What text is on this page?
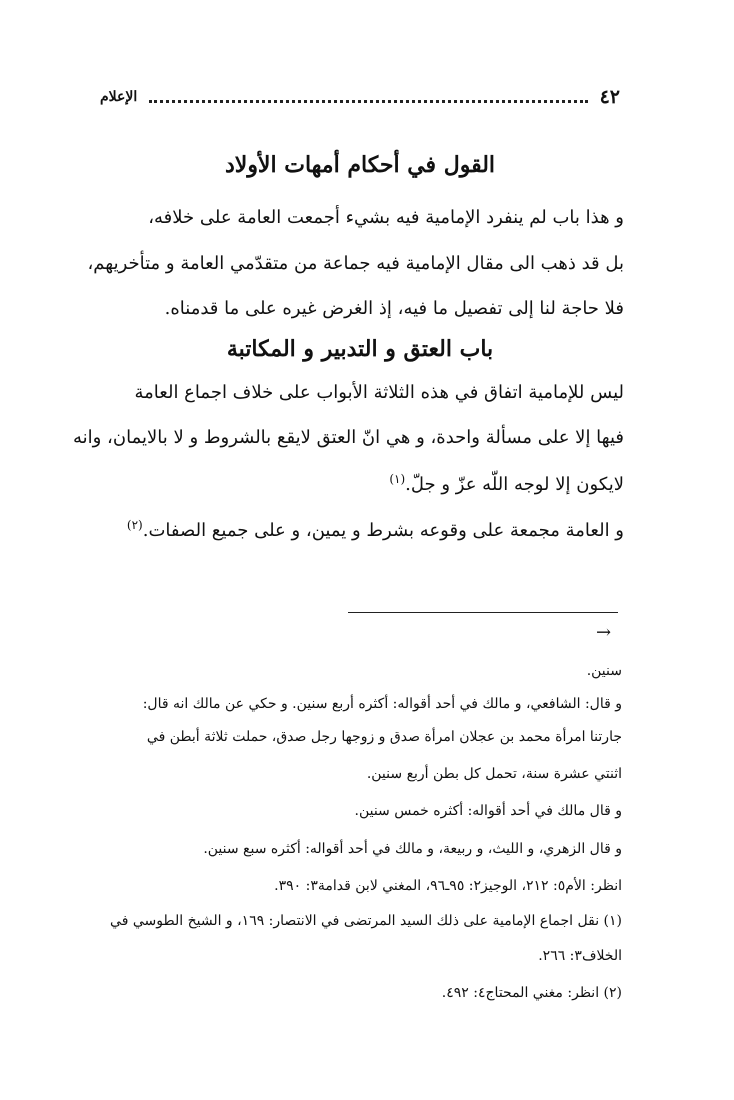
٤٢
الإعلام
القول في أحكام أمهات الأولاد
و هذا باب لم ينفرد الإمامية فيه بشيء أجمعت العامة على خلافه،
بل قد ذهب الى مقال الإمامية فيه جماعة من متقدّمي العامة و متأخريهم،
فلا حاجة لنا إلى تفصيل ما فيه، إذ الغرض غيره على ما قدمناه.
باب العتق و التدبير و المكاتبة
ليس للإمامية اتفاق في هذه الثلاثة الأبواب على خلاف اجماع العامة
فيها إلا على مسألة واحدة، و هي انّ العتق لايقع بالشروط و لا بالايمان، وانه
لايكون إلا لوجه اللّه عزّ و جلّ.$^{(١)}$
و العامة مجمعة على وقوعه بشرط و يمين، و على جميع الصفات.$^{(٢)}$
→
سنين.
و قال: الشافعي، و مالك في أحد أقواله: أكثره أربع سنين. و حكي عن مالك انه قال:
جارتنا امرأة محمد بن عجلان امرأة صدق و زوجها رجل صدق، حملت ثلاثة أبطن في
اثنتي عشرة سنة، تحمل كل بطن أربع سنين.
و قال مالك في أحد أقواله: أكثره خمس سنين.
و قال الزهري، و الليث، و ربيعة، و مالك في أحد أقواله: أكثره سبع سنين.
انظر: الأم٥: ٢١٢، الوجيز٢: ٩٥ـ٩٦، المغني لابن قدامة٣: ٣٩٠.
(١) نقل اجماع الإمامية على ذلك السيد المرتضى في الانتصار: ١٦٩، و الشيخ الطوسي في
الخلاف٣: ٢٦٦.
(٢) انظر: مغني المحتاج٤: ٤٩٢.
